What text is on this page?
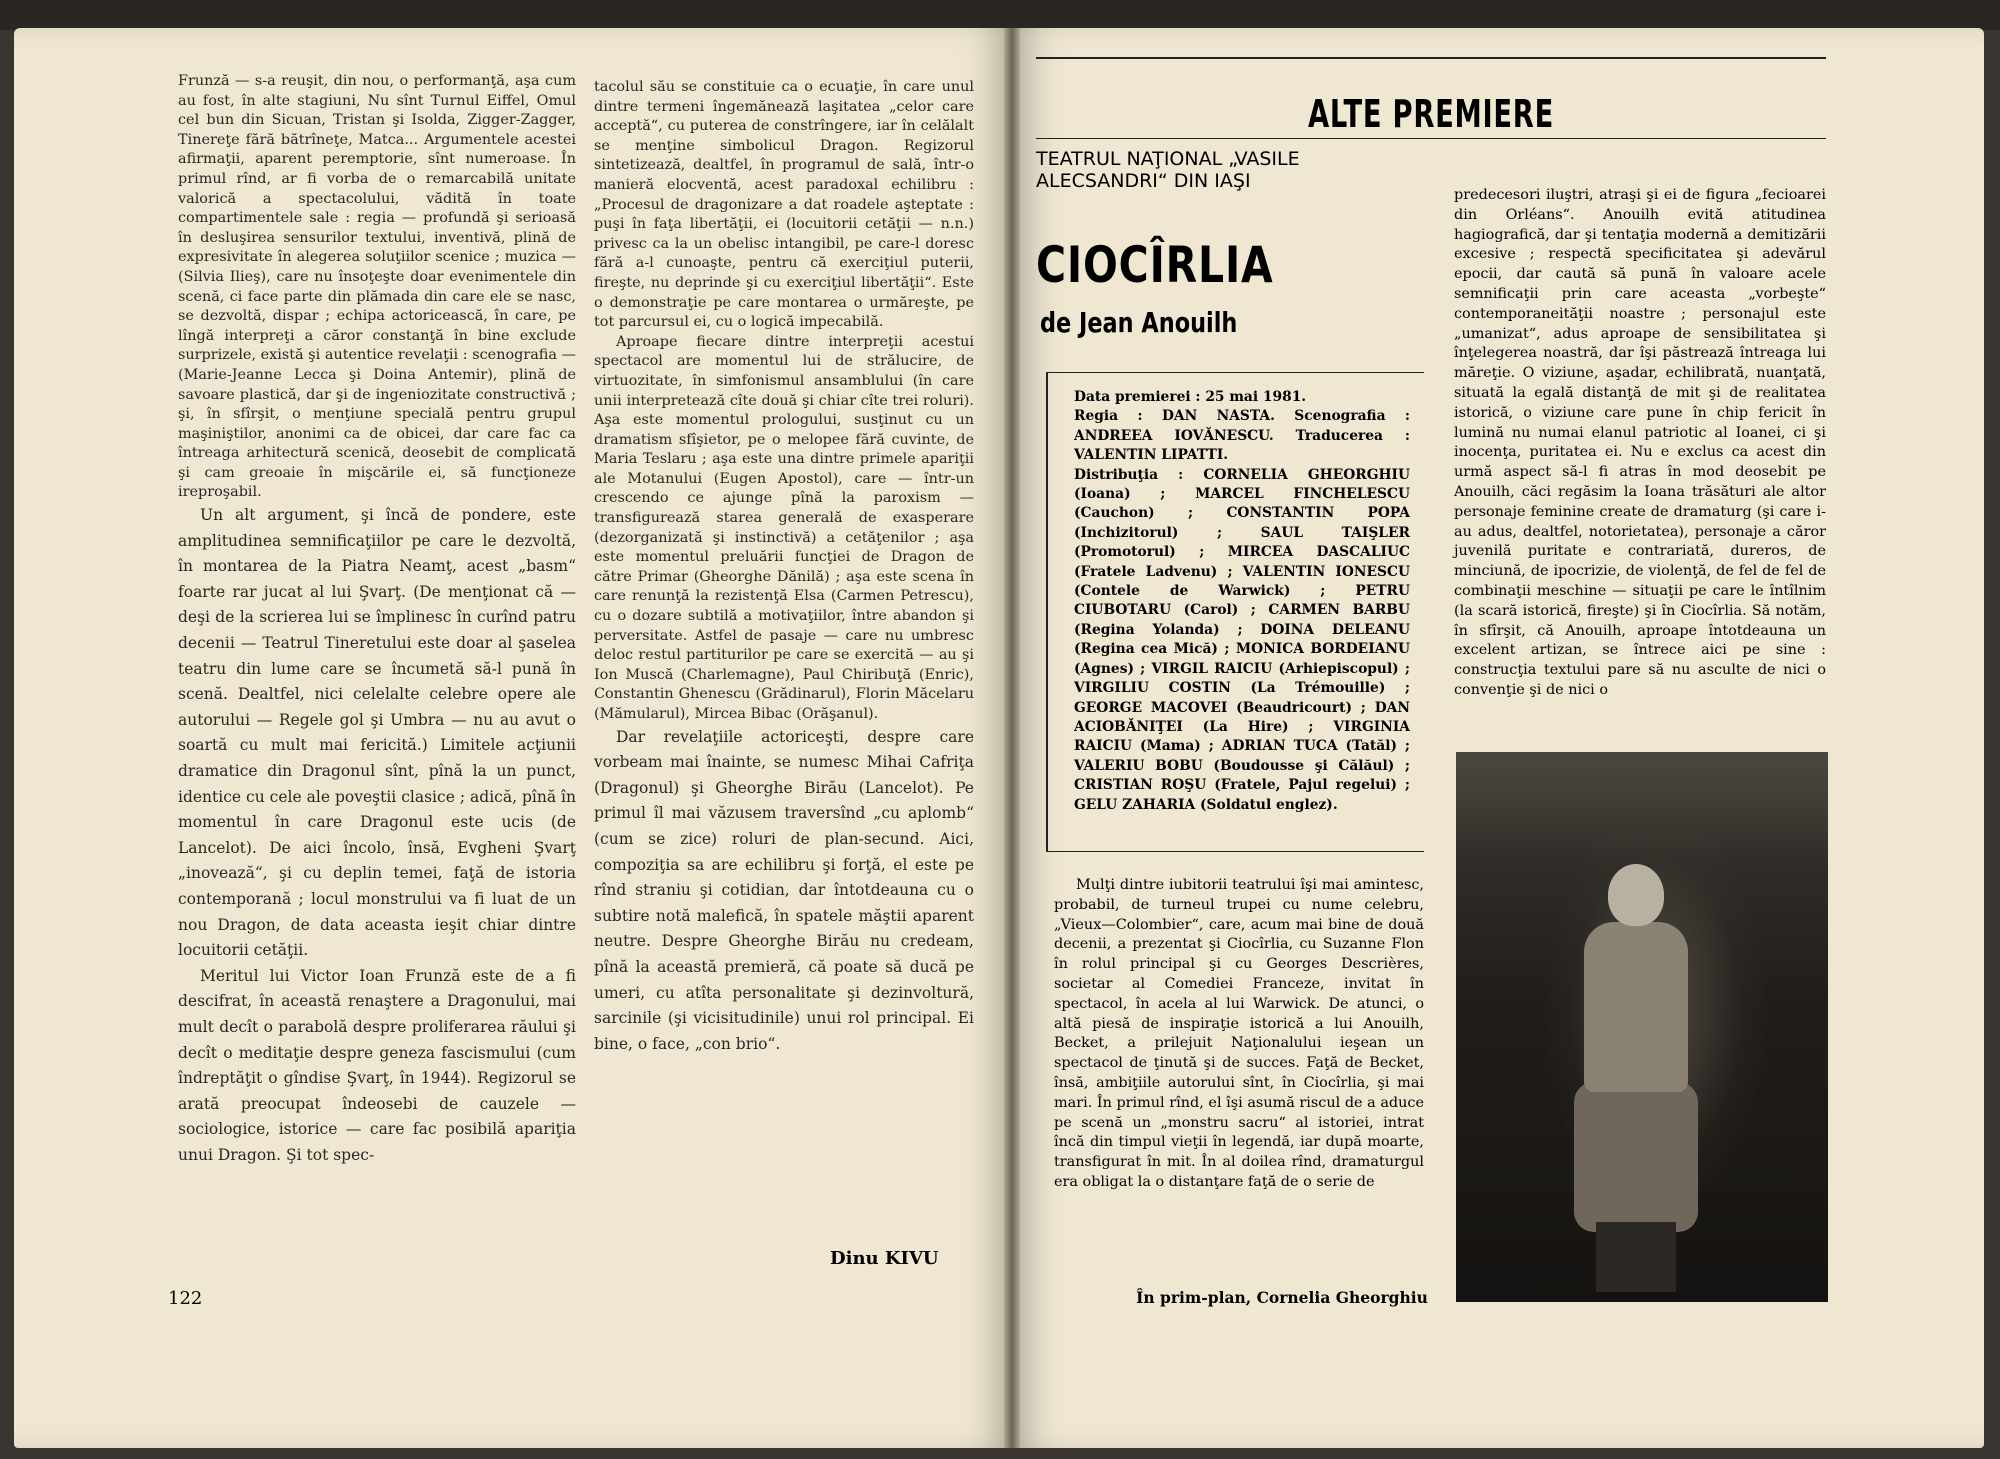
Frunză — s-a reuşit, din nou, o performanţă, aşa cum au fost, în alte stagiuni, Nu sînt Turnul Eiffel, Omul cel bun din Sicuan, Tristan şi Isolda, Zigger-Zagger, Tinereţe fără bătrîneţe, Matca... Argumentele acestei afirmaţii, aparent peremptorie, sînt numeroase. În primul rînd, ar fi vorba de o remarcabilă unitate valorică a spectacolului, vădită în toate compartimentele sale : regia — profundă şi serioasă în desluşirea sensurilor textului, inventivă, plină de expresivitate în alegerea soluţiilor scenice ; muzica — (Silvia Ilieş), care nu însoţeşte doar evenimentele din scenă, ci face parte din plămada din care ele se nasc, se dezvoltă, dispar ; echipa actoricească, în care, pe lîngă interpreţi a căror constanţă în bine exclude surprizele, există şi autentice revelaţii : scenografia — (Marie-Jeanne Lecca şi Doina Antemir), plină de savoare plastică, dar şi de ingeniozitate constructivă ; şi, în sfîrşit, o menţiune specială pentru grupul maşiniştilor, anonimi ca de obicei, dar care fac ca întreaga arhitectură scenică, deosebit de complicată şi cam greoaie în mişcările ei, să funcţioneze ireproşabil.

Un alt argument, şi încă de pondere, este amplitudinea semnificaţiilor pe care le dezvoltă, în montarea de la Piatra Neamţ, acest „basm“ foarte rar jucat al lui Şvarţ. (De menţionat că — deşi de la scrierea lui se împlinesc în curînd patru decenii — Teatrul Tineretului este doar al şaselea teatru din lume care se încumetă să-l pună în scenă. Dealtfel, nici celelalte celebre opere ale autorului — Regele gol şi Umbra — nu au avut o soartă cu mult mai fericită.) Limitele acţiunii dramatice din Dragonul sînt, pînă la un punct, identice cu cele ale poveştii clasice ; adică, pînă în momentul în care Dragonul este ucis (de Lancelot). De aici încolo, însă, Evgheni Şvarţ „inovează“, şi cu deplin temei, faţă de istoria contemporană ; locul monstrului va fi luat de un nou Dragon, de data aceasta ieşit chiar dintre locuitorii cetăţii.

Meritul lui Victor Ioan Frunză este de a fi descifrat, în această renaştere a Dragonului, mai mult decît o parabolă despre proliferarea răului şi decît o meditaţie despre geneza fascismului (cum îndreptăţit o gîndise Şvarţ, în 1944). Regizorul se arată preocupat îndeosebi de cauzele — sociologice, istorice — care fac posibilă apariţia unui Dragon. Şi tot spec-

tacolul său se constituie ca o ecuaţie, în care unul dintre termeni îngemănează laşitatea „celor care acceptă“, cu puterea de constrîngere, iar în celălalt se menţine simbolicul Dragon. Regizorul sintetizează, dealtfel, în programul de sală, într-o manieră elocventă, acest paradoxal echilibru : „Procesul de dragonizare a dat roadele aşteptate : puşi în faţa libertăţii, ei (locuitorii cetăţii — n.n.) privesc ca la un obelisc intangibil, pe care-l doresc fără a-l cunoaşte, pentru că exerciţiul puterii, fireşte, nu deprinde şi cu exerciţiul libertăţii“. Este o demonstraţie pe care montarea o urmăreşte, pe tot parcursul ei, cu o logică impecabilă.

Aproape fiecare dintre interpreţii acestui spectacol are momentul lui de strălucire, de virtuozitate, în simfonismul ansamblului (în care unii interpretează cîte două şi chiar cîte trei roluri). Aşa este momentul prologului, susţinut cu un dramatism sfîşietor, pe o melopee fără cuvinte, de Maria Teslaru ; aşa este una dintre primele apariţii ale Motanului (Eugen Apostol), care — într-un crescendo ce ajunge pînă la paroxism — transfigurează starea generală de exasperare (dezorganizată şi instinctivă) a cetăţenilor ; aşa este momentul preluării funcţiei de Dragon de către Primar (Gheorghe Dănilă) ; aşa este scena în care renunţă la rezistenţă Elsa (Carmen Petrescu), cu o dozare subtilă a motivaţiilor, între abandon şi perversitate. Astfel de pasaje — care nu umbresc deloc restul partiturilor pe care se exercită — au şi Ion Muscă (Charlemagne), Paul Chiribuţă (Enric), Constantin Ghenescu (Grădinarul), Florin Măcelaru (Mămularul), Mircea Bibac (Orăşanul).

Dar revelaţiile actoriceşti, despre care vorbeam mai înainte, se numesc Mihai Cafriţa (Dragonul) şi Gheorghe Birău (Lancelot). Pe primul îl mai văzusem traversînd „cu aplomb“ (cum se zice) roluri de plan-secund. Aici, compoziţia sa are echilibru şi forţă, el este pe rînd straniu şi cotidian, dar întotdeauna cu o subtire notă malefică, în spatele măştii aparent neutre. Despre Gheorghe Birău nu credeam, pînă la această premieră, că poate să ducă pe umeri, cu atîta personalitate şi dezinvoltură, sarcinile (şi vicisitudinile) unui rol principal. Ei bine, o face, „con brio“.

122
Dinu KIVU
ALTE PREMIERE
TEATRUL NAŢIONAL „VASILE ALECSANDRI“ DIN IAŞI
CIOCÎRLIA
de Jean Anouilh

Data premierei : 25 mai 1981.

Regia : DAN NASTA. Scenografia : ANDREEA IOVĂNESCU. Traducerea : VALENTIN LIPATTI.

Distribuţia : CORNELIA GHEORGHIU (Ioana) ; MARCEL FINCHELESCU (Cauchon) ; CONSTANTIN POPA (Inchizitorul) ; SAUL TAIŞLER (Promotorul) ; MIRCEA DASCALIUC (Fratele Ladvenu) ; VALENTIN IONESCU (Contele de Warwick) ; PETRU CIUBOTARU (Carol) ; CARMEN BARBU (Regina Yolanda) ; DOINA DELEANU (Regina cea Mică) ; MONICA BORDEIANU (Agnes) ; VIRGIL RAICIU (Arhiepiscopul) ; VIRGILIU COSTIN (La Trémouille) ; GEORGE MACOVEI (Beaudricourt) ; DAN ACIOBĂNIŢEI (La Hire) ; VIRGINIA RAICIU (Mama) ; ADRIAN TUCA (Tatăl) ; VALERIU BOBU (Boudousse şi Călăul) ; CRISTIAN ROŞU (Fratele, Pajul regelui) ; GELU ZAHARIA (Soldatul englez).

Mulţi dintre iubitorii teatrului îşi mai amintesc, probabil, de turneul trupei cu nume celebru, „Vieux—Colombier“, care, acum mai bine de două decenii, a prezentat şi Ciocîrlia, cu Suzanne Flon în rolul principal şi cu Georges Descrières, societar al Comediei Franceze, invitat în spectacol, în acela al lui Warwick. De atunci, o altă piesă de inspiraţie istorică a lui Anouilh, Becket, a prilejuit Naţionalului ieşean un spectacol de ţinută şi de succes. Faţă de Becket, însă, ambiţiile autorului sînt, în Ciocîrlia, şi mai mari. În primul rînd, el îşi asumă riscul de a aduce pe scenă un „monstru sacru“ al istoriei, intrat încă din timpul vieţii în legendă, iar după moarte, transfigurat în mit. În al doilea rînd, dramaturgul era obligat la o distanţare faţă de o serie de

predecesori iluştri, atraşi şi ei de figura „fecioarei din Orléans“. Anouilh evită atitudinea hagiografică, dar şi tentaţia modernă a demitizării excesive ; respectă specificitatea şi adevărul epocii, dar caută să pună în valoare acele semnificaţii prin care aceasta „vorbeşte“ contemporaneităţii noastre ; personajul este „umanizat“, adus aproape de sensibilitatea şi înţelegerea noastră, dar îşi păstrează întreaga lui măreţie. O viziune, aşadar, echilibrată, nuanţată, situată la egală distanţă de mit şi de realitatea istorică, o viziune care pune în chip fericit în lumină nu numai elanul patriotic al Ioanei, ci şi inocenţa, puritatea ei. Nu e exclus ca acest din urmă aspect să-l fi atras în mod deosebit pe Anouilh, căci regăsim la Ioana trăsături ale altor personaje feminine create de dramaturg (şi care i-au adus, dealtfel, notorietatea), personaje a căror juvenilă puritate e contrariată, dureros, de minciună, de ipocrizie, de violenţă, de fel de fel de combinaţii meschine — situaţii pe care le întîlnim (la scară istorică, fireşte) şi în Ciocîrlia. Să notăm, în sfîrşit, că Anouilh, aproape întotdeauna un excelent artizan, se întrece aici pe sine : construcţia textului pare să nu asculte de nici o convenţie şi de nici o

În prim-plan, Cornelia Gheorghiu
